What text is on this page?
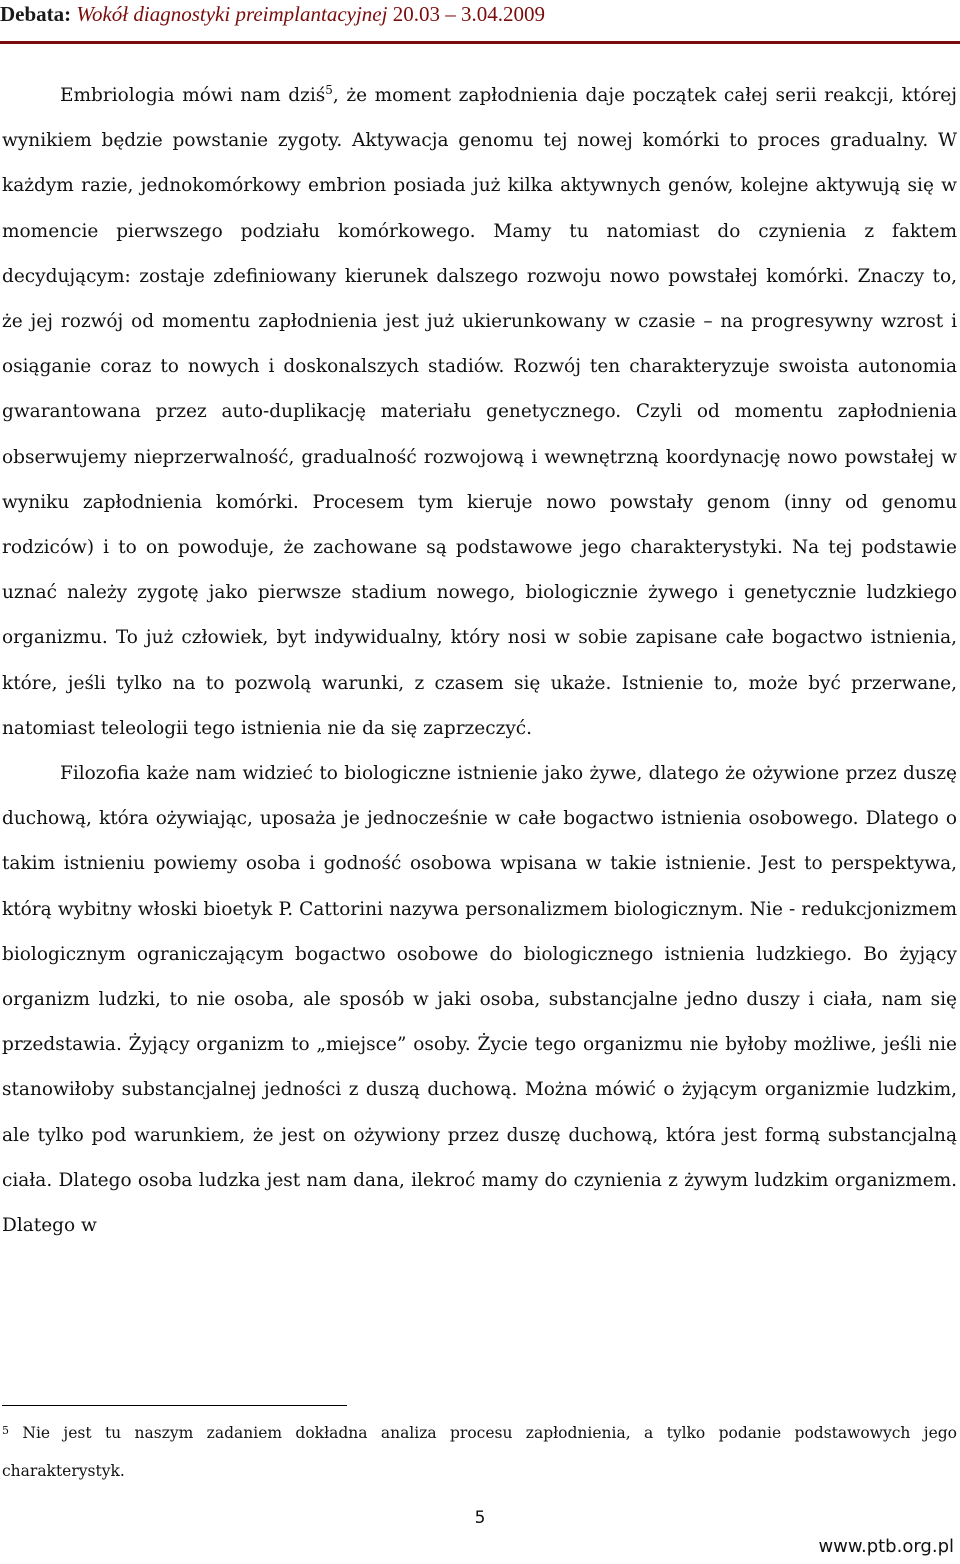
Debata: Wokół diagnostyki preimplantacyjnej 20.03 – 3.04.2009

Embriologia mówi nam dziś$^5$, że moment zapłodnienia daje początek całej serii reakcji, której wynikiem będzie powstanie zygoty. Aktywacja genomu tej nowej komórki to proces gradualny. W każdym razie, jednokomórkowy embrion posiada już kilka aktywnych genów, kolejne aktywują się w momencie pierwszego podziału komórkowego. Mamy tu natomiast do czynienia z faktem decydującym: zostaje zdefiniowany kierunek dalszego rozwoju nowo powstałej komórki. Znaczy to, że jej rozwój od momentu zapłodnienia jest już ukierunkowany w czasie – na progresywny wzrost i osiąganie coraz to nowych i doskonalszych stadiów. Rozwój ten charakteryzuje swoista autonomia gwarantowana przez auto-duplikację materiału genetycznego. Czyli od momentu zapłodnienia obserwujemy nieprzerwalność, gradualność rozwojową i wewnętrzną koordynację nowo powstałej w wyniku zapłodnienia komórki. Procesem tym kieruje nowo powstały genom (inny od genomu rodziców) i to on powoduje, że zachowane są podstawowe jego charakterystyki. Na tej podstawie uznać należy zygotę jako pierwsze stadium nowego, biologicznie żywego i genetycznie ludzkiego organizmu. To już człowiek, byt indywidualny, który nosi w sobie zapisane całe bogactwo istnienia, które, jeśli tylko na to pozwolą warunki, z czasem się ukaże. Istnienie to, może być przerwane, natomiast teleologii tego istnienia nie da się zaprzeczyć.

Filozofia każe nam widzieć to biologiczne istnienie jako żywe, dlatego że ożywione przez duszę duchową, która ożywiając, uposaża je jednocześnie w całe bogactwo istnienia osobowego. Dlatego o takim istnieniu powiemy osoba i godność osobowa wpisana w takie istnienie. Jest to perspektywa, którą wybitny włoski bioetyk P. Cattorini nazywa personalizmem biologicznym. Nie - redukcjonizmem biologicznym ograniczającym bogactwo osobowe do biologicznego istnienia ludzkiego. Bo żyjący organizm ludzki, to nie osoba, ale sposób w jaki osoba, substancjalne jedno duszy i ciała, nam się przedstawia. Żyjący organizm to „miejsce” osoby. Życie tego organizmu nie byłoby możliwe, jeśli nie stanowiłoby substancjalnej jedności z duszą duchową. Można mówić o żyjącym organizmie ludzkim, ale tylko pod warunkiem, że jest on ożywiony przez duszę duchową, która jest formą substancjalną ciała. Dlatego osoba ludzka jest nam dana, ilekroć mamy do czynienia z żywym ludzkim organizmem. Dlatego w

$^5$ Nie jest tu naszym zadaniem dokładna analiza procesu zapłodnienia, a tylko podanie podstawowych jego charakterystyk.
5
www.ptb.org.pl
